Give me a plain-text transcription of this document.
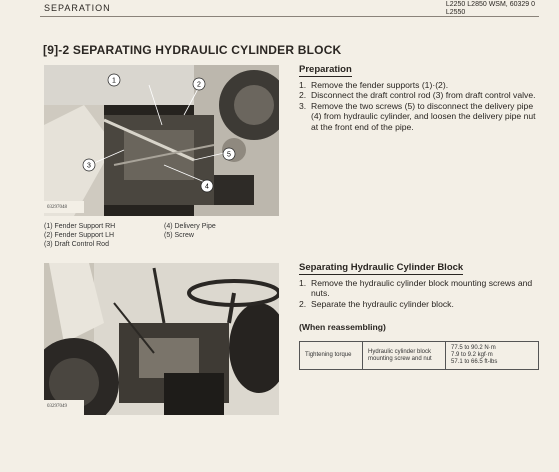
SEPARATION	L2250
L2550 L2850 WSM, 60329 0
[9]-2 SEPARATING HYDRAULIC CYLINDER BLOCK
1
2
3
4
5
03297048
(1) Fender Support RH
(2) Fender Support LH
(3) Draft Control Rod
(4) Delivery Pipe
(5) Screw
03297049
Preparation
1. Remove the fender supports (1)·(2).
2. Disconnect the draft control rod (3) from draft control valve.
3. Remove the two screws (5) to disconnect the delivery pipe (4) from hydraulic cylinder, and loosen the delivery pipe nut at the front end of the pipe.
Separating Hydraulic Cylinder Block
1. Remove the hydraulic cylinder block mounting screws and nuts.
2. Separate the hydraulic cylinder block.
(When reassembling)
Tightening torque	Hydraulic cylinder block mounting screw and nut	
77.5 to 90.2 N·m
7.9 to 9.2 kgf·m
57.1 to 66.5 ft-lbs
